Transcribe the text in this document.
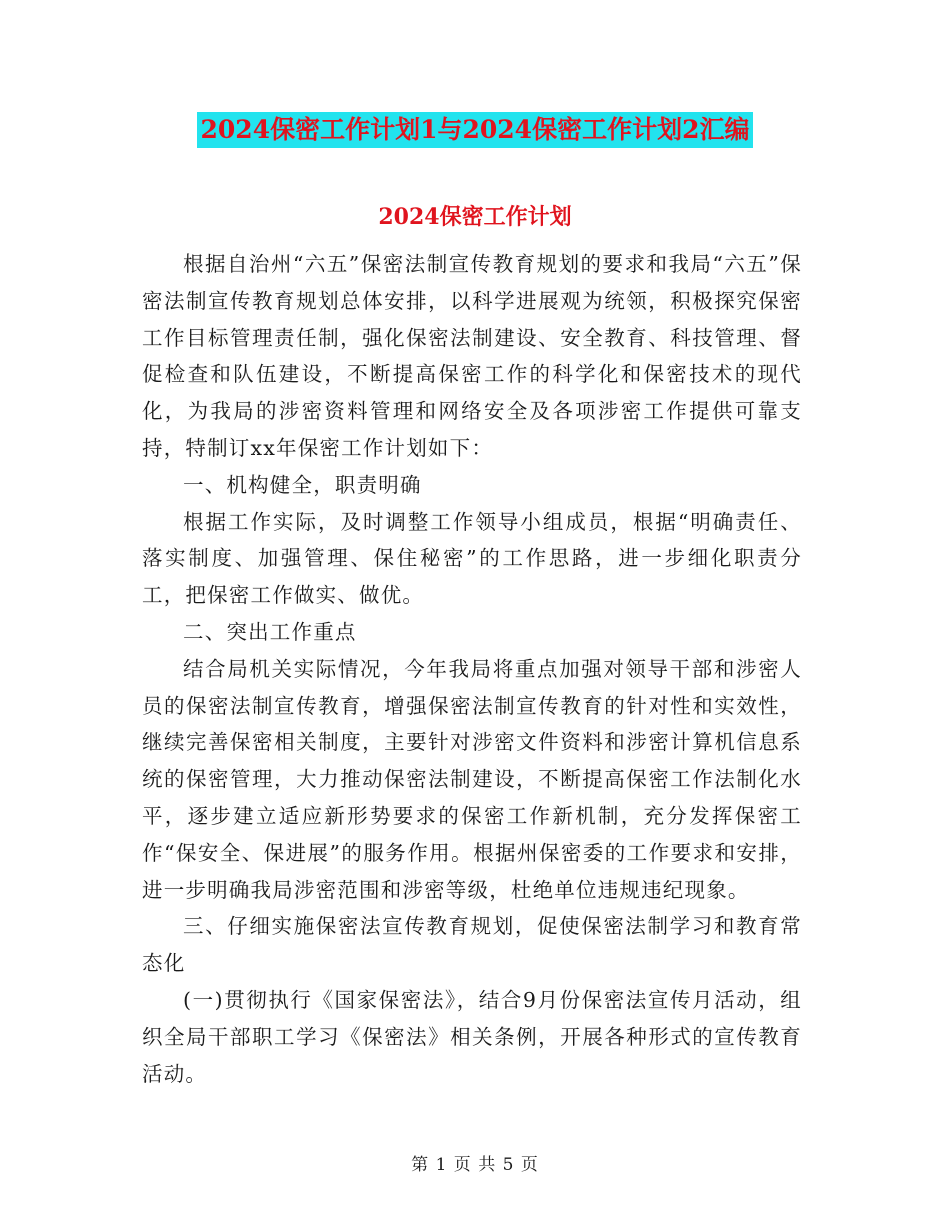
2024保密工作计划1与2024保密工作计划2汇编
2024保密工作计划

根据自治州“六五”保密法制宣传教育规划的要求和我局“六五”保密法制宣传教育规划总体安排，以科学进展观为统领，积极探究保密工作目标管理责任制，强化保密法制建设、安全教育、科技管理、督促检查和队伍建设，不断提高保密工作的科学化和保密技术的现代化，为我局的涉密资料管理和网络安全及各项涉密工作提供可靠支持，特制订xx年保密工作计划如下：

一、机构健全，职责明确

根据工作实际，及时调整工作领导小组成员，根据“明确责任、落实制度、加强管理、保住秘密”的工作思路，进一步细化职责分工，把保密工作做实、做优。

二、突出工作重点

结合局机关实际情况，今年我局将重点加强对领导干部和涉密人员的保密法制宣传教育，增强保密法制宣传教育的针对性和实效性，继续完善保密相关制度，主要针对涉密文件资料和涉密计算机信息系统的保密管理，大力推动保密法制建设，不断提高保密工作法制化水平，逐步建立适应新形势要求的保密工作新机制，充分发挥保密工作“保安全、保进展”的服务作用。根据州保密委的工作要求和安排，进一步明确我局涉密范围和涉密等级，杜绝单位违规违纪现象。

三、仔细实施保密法宣传教育规划，促使保密法制学习和教育常态化

(一)贯彻执行《国家保密法》，结合9月份保密法宣传月活动，组织全局干部职工学习《保密法》相关条例，开展各种形式的宣传教育活动。

第 1 页 共 5 页
